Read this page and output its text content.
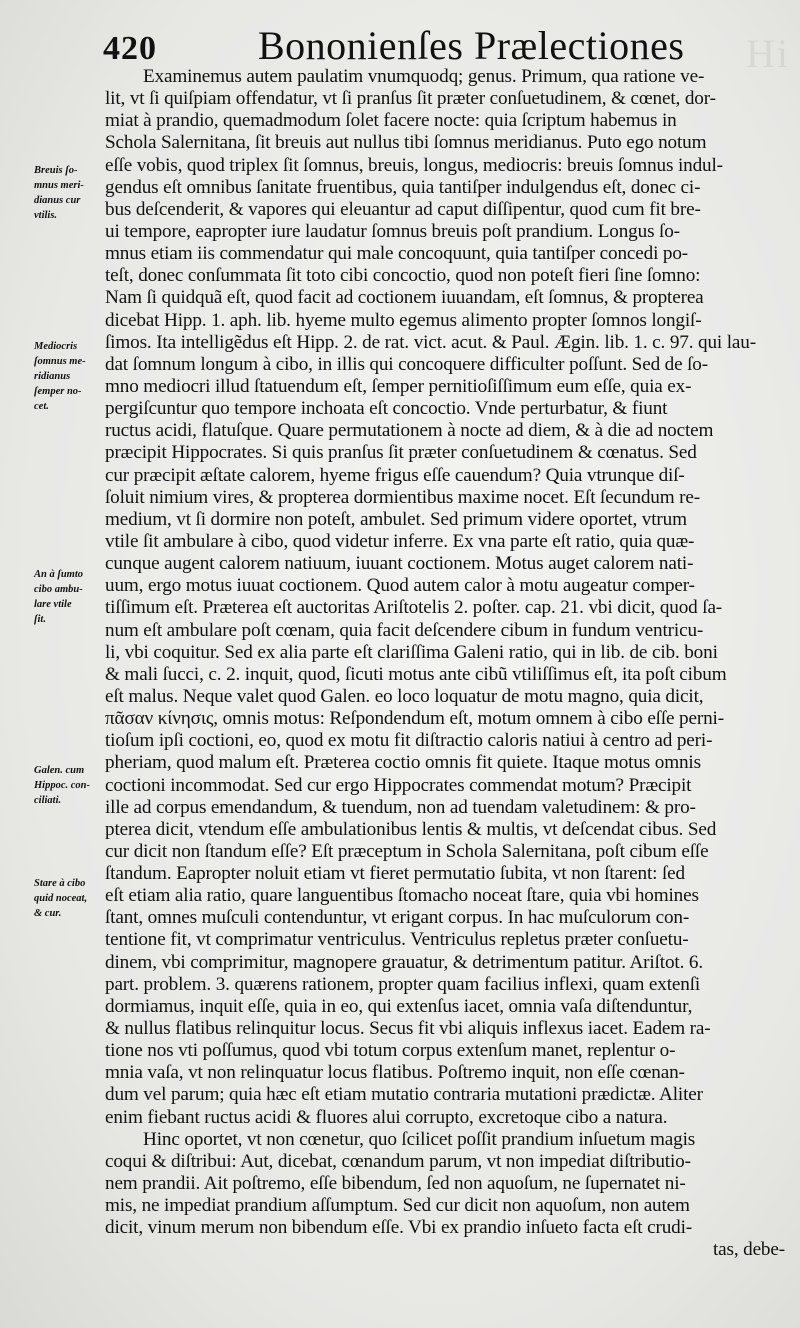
Hi
420	Bononienſes Prælectiones
Breuis ſo-
mnus meri-
dianus cur
vtilis.
Mediocris
ſomnus me-
ridianus
ſemper no-
cet.
An à ſumto
cibo ambu-
lare vtile
ſit.
Galen. cum
Hippoc. con-
ciliati.
Stare à cibo
quid noceat,
& cur.
Examinemus autem paulatim vnumquodq; genus. Primum, qua ratione ve-
lit, vt ſi quiſpiam offendatur, vt ſi pranſus ſit præter conſuetudinem, & cœnet, dor-
miat à prandio, quemadmodum ſolet facere nocte: quia ſcriptum habemus in
Schola Salernitana, ſit breuis aut nullus tibi ſomnus meridianus. Puto ego notum
eſſe vobis, quod triplex ſit ſomnus, breuis, longus, mediocris: breuis ſomnus indul-
gendus eſt omnibus ſanitate fruentibus, quia tantiſper indulgendus eſt, donec ci-
bus deſcenderit, & vapores qui eleuantur ad caput diſſipentur, quod cum fit bre-
ui tempore, eapropter iure laudatur ſomnus breuis poſt prandium. Longus ſo-
mnus etiam iis commendatur qui male concoquunt, quia tantiſper concedi po-
teſt, donec conſummata ſit toto cibi concoctio, quod non poteſt fieri ſine ſomno:
Nam ſi quidquã eſt, quod facit ad coctionem iuuandam, eſt ſomnus, & propterea
dicebat Hipp. 1. aph. lib. hyeme multo egemus alimento propter ſomnos longiſ-
ſimos. Ita intelligẽdus eſt Hipp. 2. de rat. vict. acut. & Paul. Ægin. lib. 1. c. 97. qui lau-
dat ſomnum longum à cibo, in illis qui concoquere difficulter poſſunt. Sed de ſo-
mno mediocri illud ſtatuendum eſt, ſemper pernitioſiſſimum eum eſſe, quia ex-
pergiſcuntur quo tempore inchoata eſt concoctio. Vnde perturbatur, & fiunt
ructus acidi, flatuſque. Quare permutationem à nocte ad diem, & à die ad noctem
præcipit Hippocrates. Si quis pranſus ſit præter conſuetudinem & cœnatus. Sed
cur præcipit æſtate calorem, hyeme frigus eſſe cauendum? Quia vtrunque diſ-
ſoluit nimium vires, & propterea dormientibus maxime nocet. Eſt ſecundum re-
medium, vt ſi dormire non poteſt, ambulet. Sed primum videre oportet, vtrum
vtile ſit ambulare à cibo, quod videtur inferre. Ex vna parte eſt ratio, quia quæ-
cunque augent calorem natiuum, iuuant coctionem. Motus auget calorem nati-
uum, ergo motus iuuat coctionem. Quod autem calor à motu augeatur comper-
tiſſimum eſt. Præterea eſt auctoritas Ariſtotelis 2. poſter. cap. 21. vbi dicit, quod ſa-
num eſt ambulare poſt cœnam, quia facit deſcendere cibum in fundum ventricu-
li, vbi coquitur. Sed ex alia parte eſt clariſſima Galeni ratio, qui in lib. de cib. boni
& mali ſucci, c. 2. inquit, quod, ſicuti motus ante cibũ vtiliſſimus eſt, ita poſt cibum
eſt malus. Neque valet quod Galen. eo loco loquatur de motu magno, quia dicit,
πᾶσαν κίνησις, omnis motus: Reſpondendum eſt, motum omnem à cibo eſſe perni-
tioſum ipſi coctioni, eo, quod ex motu fit diſtractio caloris natiui à centro ad peri-
pheriam, quod malum eſt. Præterea coctio omnis fit quiete. Itaque motus omnis
coctioni incommodat. Sed cur ergo Hippocrates commendat motum? Præcipit
ille ad corpus emendandum, & tuendum, non ad tuendam valetudinem: & pro-
pterea dicit, vtendum eſſe ambulationibus lentis & multis, vt deſcendat cibus. Sed
cur dicit non ſtandum eſſe? Eſt præceptum in Schola Salernitana, poſt cibum eſſe
ſtandum. Eapropter noluit etiam vt fieret permutatio ſubita, vt non ſtarent: ſed
eſt etiam alia ratio, quare languentibus ſtomacho noceat ſtare, quia vbi homines
ſtant, omnes muſculi contenduntur, vt erigant corpus. In hac muſculorum con-
tentione fit, vt comprimatur ventriculus. Ventriculus repletus præter conſuetu-
dinem, vbi comprimitur, magnopere grauatur, & detrimentum patitur. Ariſtot. 6.
part. problem. 3. quærens rationem, propter quam facilius inflexi, quam extenſi
dormiamus, inquit eſſe, quia in eo, qui extenſus iacet, omnia vaſa diſtenduntur,
& nullus flatibus relinquitur locus. Secus fit vbi aliquis inflexus iacet. Eadem ra-
tione nos vti poſſumus, quod vbi totum corpus extenſum manet, replentur o-
mnia vaſa, vt non relinquatur locus flatibus. Poſtremo inquit, non eſſe cœnan-
dum vel parum; quia hæc eſt etiam mutatio contraria mutationi prædictæ. Aliter
enim fiebant ructus acidi & fluores alui corrupto, excretoque cibo a natura.
Hinc oportet, vt non cœnetur, quo ſcilicet poſſit prandium inſuetum magis
coqui & diſtribui: Aut, dicebat, cœnandum parum, vt non impediat diſtributio-
nem prandii. Ait poſtremo, eſſe bibendum, ſed non aquoſum, ne ſupernatet ni-
mis, ne impediat prandium aſſumptum. Sed cur dicit non aquoſum, non autem
dicit, vinum merum non bibendum eſſe. Vbi ex prandio inſueto facta eſt crudi-
tas, debe-
